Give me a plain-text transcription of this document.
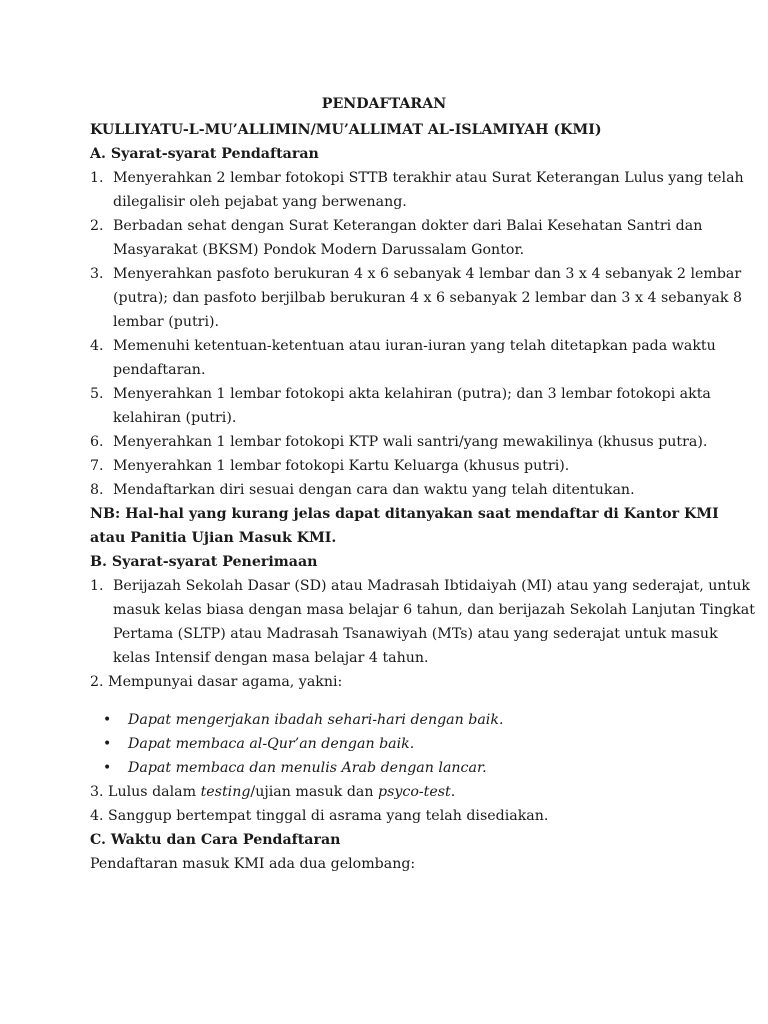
PENDAFTARAN
KULLIYATU-L-MU’ALLIMIN/MU’ALLIMAT AL-ISLAMIYAH (KMI)
A. Syarat-syarat Pendaftaran
1. Menyerahkan 2 lembar fotokopi STTB terakhir atau Surat Keterangan Lulus yang telah
dilegalisir oleh pejabat yang berwenang.
2. Berbadan sehat dengan Surat Keterangan dokter dari Balai Kesehatan Santri dan
Masyarakat (BKSM) Pondok Modern Darussalam Gontor.
3. Menyerahkan pasfoto berukuran 4 x 6 sebanyak 4 lembar dan 3 x 4 sebanyak 2 lembar
(putra); dan pasfoto berjilbab berukuran 4 x 6 sebanyak 2 lembar dan 3 x 4 sebanyak 8
lembar (putri).
4. Memenuhi ketentuan-ketentuan atau iuran-iuran yang telah ditetapkan pada waktu
pendaftaran.
5. Menyerahkan 1 lembar fotokopi akta kelahiran (putra); dan 3 lembar fotokopi akta
kelahiran (putri).
6. Menyerahkan 1 lembar fotokopi KTP wali santri/yang mewakilinya (khusus putra).
7. Menyerahkan 1 lembar fotokopi Kartu Keluarga (khusus putri).
8. Mendaftarkan diri sesuai dengan cara dan waktu yang telah ditentukan.
NB: Hal-hal yang kurang jelas dapat ditanyakan saat mendaftar di Kantor KMI
atau Panitia Ujian Masuk KMI.
B. Syarat-syarat Penerimaan
1. Berijazah Sekolah Dasar (SD) atau Madrasah Ibtidaiyah (MI) atau yang sederajat, untuk
masuk kelas biasa dengan masa belajar 6 tahun, dan berijazah Sekolah Lanjutan Tingkat
Pertama (SLTP) atau Madrasah Tsanawiyah (MTs) atau yang sederajat untuk masuk
kelas Intensif dengan masa belajar 4 tahun.
2. Mempunyai dasar agama, yakni:
• Dapat mengerjakan ibadah sehari-hari dengan baik.
• Dapat membaca al-Qur’an dengan baik.
• Dapat membaca dan menulis Arab dengan lancar.
3. Lulus dalam testing/ujian masuk dan psyco-test.
4. Sanggup bertempat tinggal di asrama yang telah disediakan.
C. Waktu dan Cara Pendaftaran
Pendaftaran masuk KMI ada dua gelombang:
